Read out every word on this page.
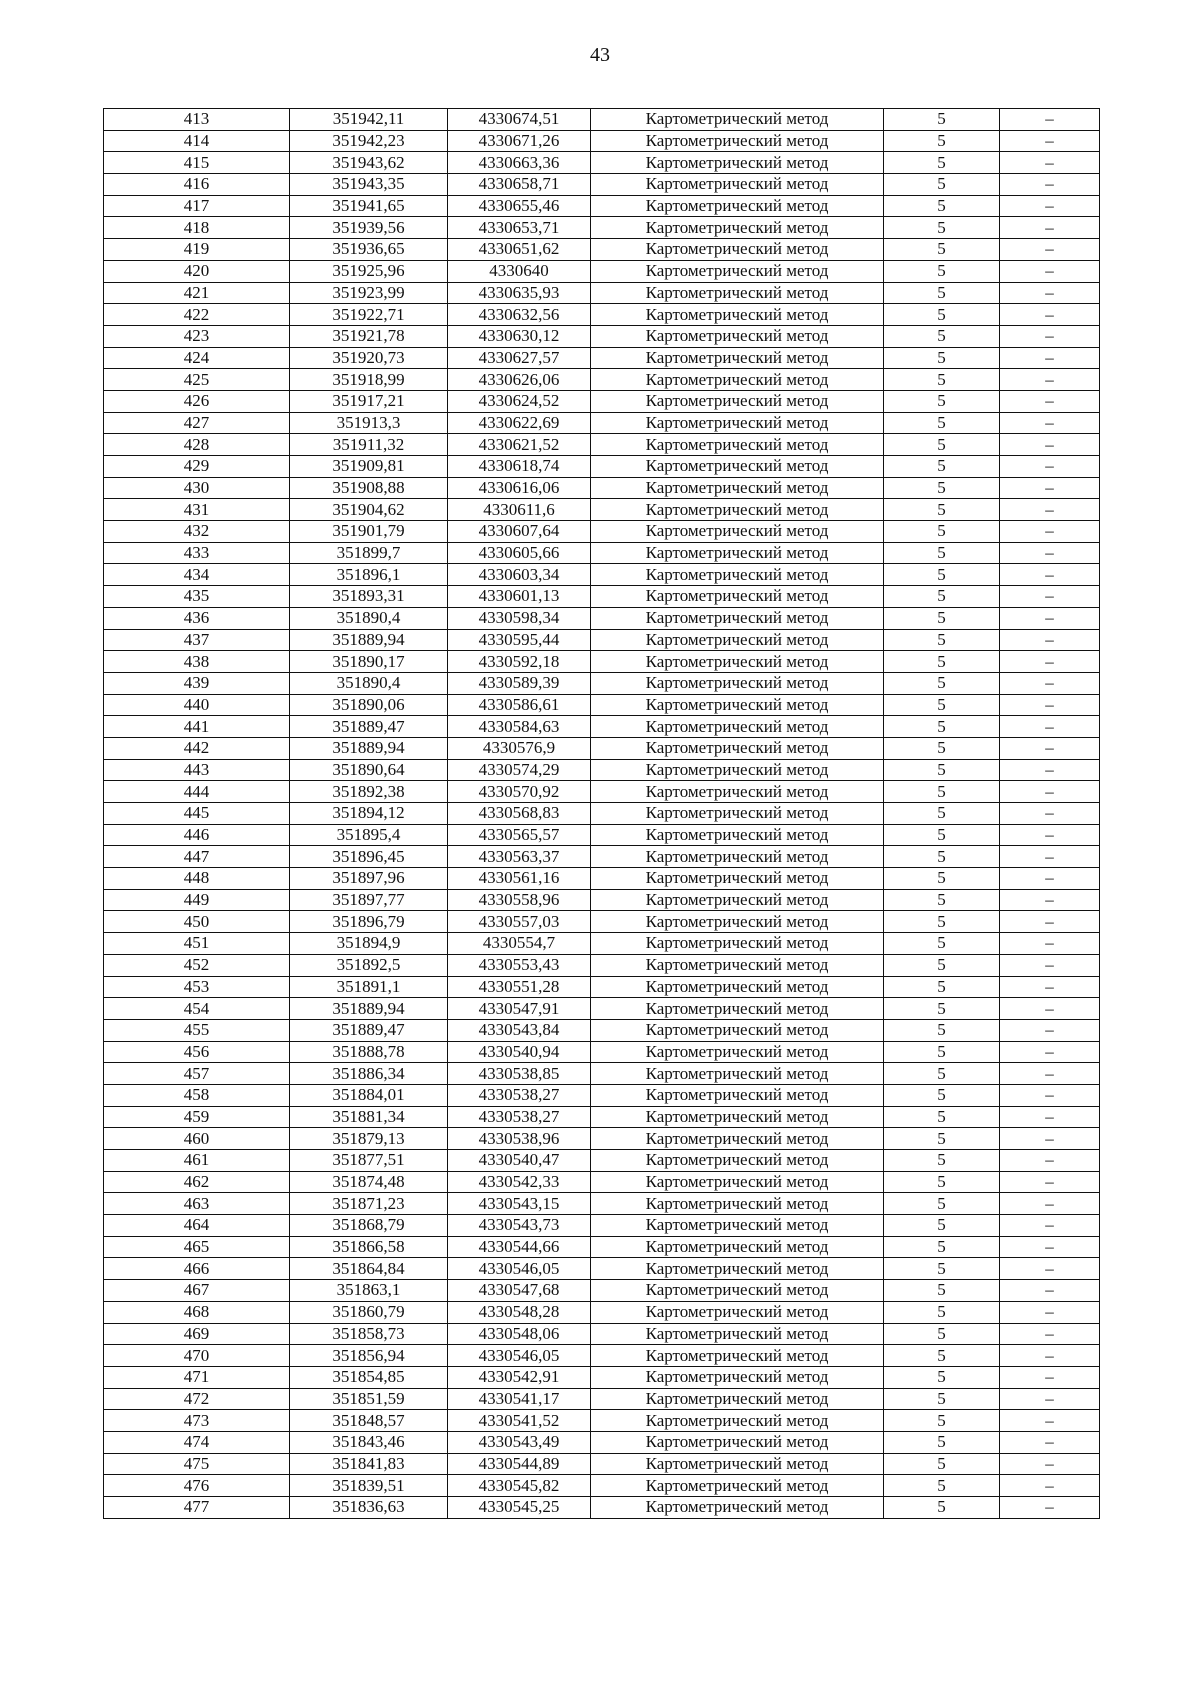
43
413	351942,11	4330674,51	Картометрический метод	5	–
414	351942,23	4330671,26	Картометрический метод	5	–
415	351943,62	4330663,36	Картометрический метод	5	–
416	351943,35	4330658,71	Картометрический метод	5	–
417	351941,65	4330655,46	Картометрический метод	5	–
418	351939,56	4330653,71	Картометрический метод	5	–
419	351936,65	4330651,62	Картометрический метод	5	–
420	351925,96	4330640	Картометрический метод	5	–
421	351923,99	4330635,93	Картометрический метод	5	–
422	351922,71	4330632,56	Картометрический метод	5	–
423	351921,78	4330630,12	Картометрический метод	5	–
424	351920,73	4330627,57	Картометрический метод	5	–
425	351918,99	4330626,06	Картометрический метод	5	–
426	351917,21	4330624,52	Картометрический метод	5	–
427	351913,3	4330622,69	Картометрический метод	5	–
428	351911,32	4330621,52	Картометрический метод	5	–
429	351909,81	4330618,74	Картометрический метод	5	–
430	351908,88	4330616,06	Картометрический метод	5	–
431	351904,62	4330611,6	Картометрический метод	5	–
432	351901,79	4330607,64	Картометрический метод	5	–
433	351899,7	4330605,66	Картометрический метод	5	–
434	351896,1	4330603,34	Картометрический метод	5	–
435	351893,31	4330601,13	Картометрический метод	5	–
436	351890,4	4330598,34	Картометрический метод	5	–
437	351889,94	4330595,44	Картометрический метод	5	–
438	351890,17	4330592,18	Картометрический метод	5	–
439	351890,4	4330589,39	Картометрический метод	5	–
440	351890,06	4330586,61	Картометрический метод	5	–
441	351889,47	4330584,63	Картометрический метод	5	–
442	351889,94	4330576,9	Картометрический метод	5	–
443	351890,64	4330574,29	Картометрический метод	5	–
444	351892,38	4330570,92	Картометрический метод	5	–
445	351894,12	4330568,83	Картометрический метод	5	–
446	351895,4	4330565,57	Картометрический метод	5	–
447	351896,45	4330563,37	Картометрический метод	5	–
448	351897,96	4330561,16	Картометрический метод	5	–
449	351897,77	4330558,96	Картометрический метод	5	–
450	351896,79	4330557,03	Картометрический метод	5	–
451	351894,9	4330554,7	Картометрический метод	5	–
452	351892,5	4330553,43	Картометрический метод	5	–
453	351891,1	4330551,28	Картометрический метод	5	–
454	351889,94	4330547,91	Картометрический метод	5	–
455	351889,47	4330543,84	Картометрический метод	5	–
456	351888,78	4330540,94	Картометрический метод	5	–
457	351886,34	4330538,85	Картометрический метод	5	–
458	351884,01	4330538,27	Картометрический метод	5	–
459	351881,34	4330538,27	Картометрический метод	5	–
460	351879,13	4330538,96	Картометрический метод	5	–
461	351877,51	4330540,47	Картометрический метод	5	–
462	351874,48	4330542,33	Картометрический метод	5	–
463	351871,23	4330543,15	Картометрический метод	5	–
464	351868,79	4330543,73	Картометрический метод	5	–
465	351866,58	4330544,66	Картометрический метод	5	–
466	351864,84	4330546,05	Картометрический метод	5	–
467	351863,1	4330547,68	Картометрический метод	5	–
468	351860,79	4330548,28	Картометрический метод	5	–
469	351858,73	4330548,06	Картометрический метод	5	–
470	351856,94	4330546,05	Картометрический метод	5	–
471	351854,85	4330542,91	Картометрический метод	5	–
472	351851,59	4330541,17	Картометрический метод	5	–
473	351848,57	4330541,52	Картометрический метод	5	–
474	351843,46	4330543,49	Картометрический метод	5	–
475	351841,83	4330544,89	Картометрический метод	5	–
476	351839,51	4330545,82	Картометрический метод	5	–
477	351836,63	4330545,25	Картометрический метод	5	–
